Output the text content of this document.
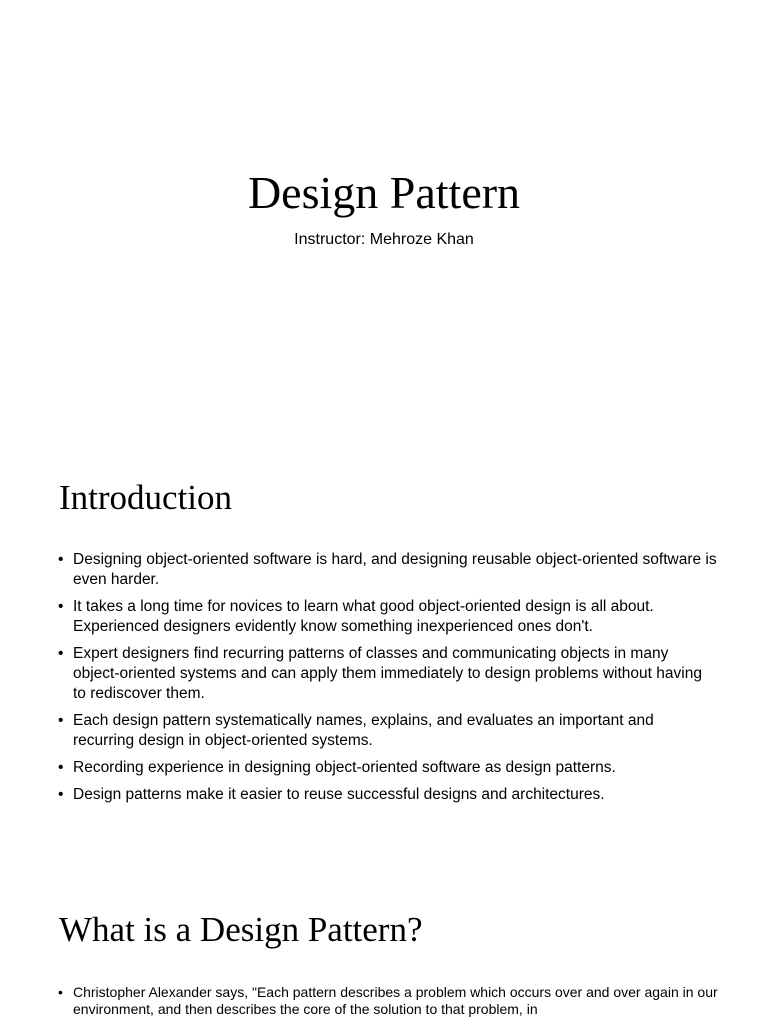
Design Pattern

Instructor: Mehroze Khan

Introduction
• Designing object-oriented software is hard, and designing reusable object-oriented software is even harder.
• It takes a long time for novices to learn what good object-oriented design is all about. Experienced designers evidently know something inexperienced ones don't.
• Expert designers find recurring patterns of classes and communicating objects in many object-oriented systems and can apply them immediately to design problems without having to rediscover them.
• Each design pattern systematically names, explains, and evaluates an important and recurring design in object-oriented systems.
• Recording experience in designing object-oriented software as design patterns.
• Design patterns make it easier to reuse successful designs and architectures.
What is a Design Pattern?
• Christopher Alexander says, "Each pattern describes a problem which occurs over and over again in our environment, and then describes the core of the solution to that problem, in
